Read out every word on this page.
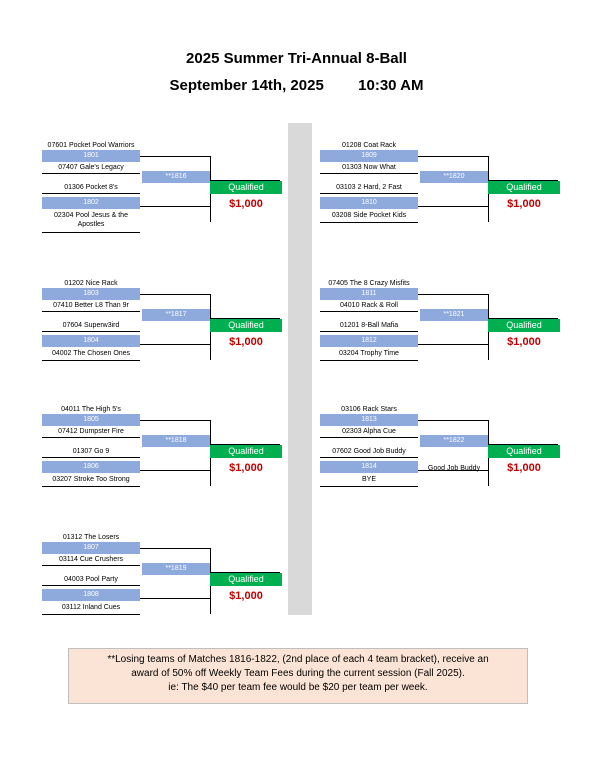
2025 Summer Tri-Annual 8-Ball
September 14th, 2025 10:30 AM
07601 Pocket Pool Warriors
1801
07407 Gale's Legacy
**1816
Qualified
$1,000
01306 Pocket 8's
1802
02304 Pool Jesus & the Apostles
01208 Coat Rack
1809
01303 Now What
**1820
Qualified
$1,000
03103 2 Hard, 2 Fast
1810
03208 Side Pocket Kids
01202 Nice Rack
1803
07410 Better L8 Than 9r
**1817
Qualified
$1,000
07604 Superw3ird
1804
04002 The Chosen Ones
07405 The 8 Crazy Misfits
1811
04010 Rack & Roll
**1821
Qualified
$1,000
01201 8-Ball Mafia
1812
03204 Trophy Time
04011 The High 5's
1805
07412 Dumpster Fire
**1818
Qualified
$1,000
01307 Go 9
1806
03207 Stroke Too Strong
03106 Rack Stars
1813
02303 Alpha Cue
**1822
Qualified
$1,000
07602 Good Job Buddy
1814
BYE
Good Job Buddy
01312 The Losers
1807
03114 Cue Crushers
**1819
Qualified
$1,000
04003 Pool Party
1808
03112 Inland Cues
**Losing teams of Matches 1816-1822, (2nd place of each 4 team bracket), receive an
award of 50% off Weekly Team Fees during the current session (Fall 2025).
ie: The $40 per team fee would be $20 per team per week.
